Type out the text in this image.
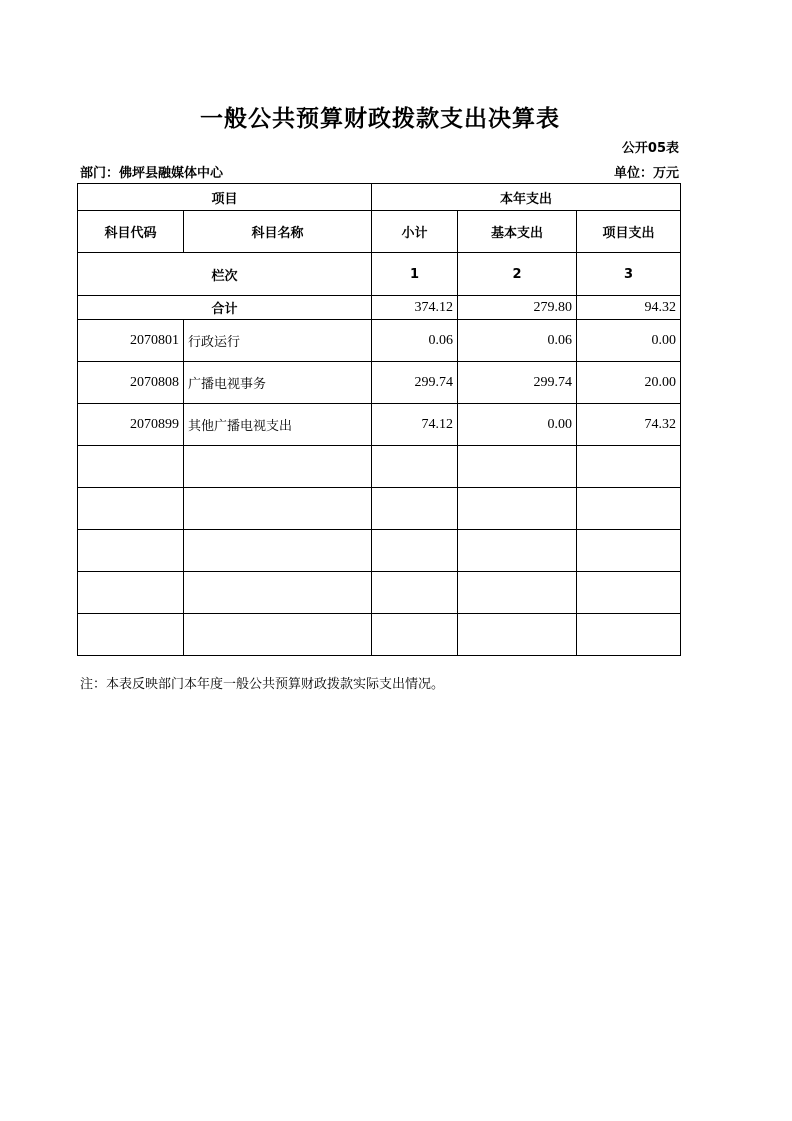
一般公共预算财政拨款支出决算表
公开05表
部门：佛坪县融媒体中心	单位：万元
项目		本年支出		
科目代码	科目名称	小计	基本支出	项目支出
栏次		1	2	3
合计		374.12	279.80	94.32
2070801	行政运行	0.06	0.06	0.00
2070808	广播电视事务	299.74	299.74	20.00
2070899	其他广播电视支出	74.12	0.00	74.32

注：本表反映部门本年度一般公共预算财政拨款实际支出情况。
